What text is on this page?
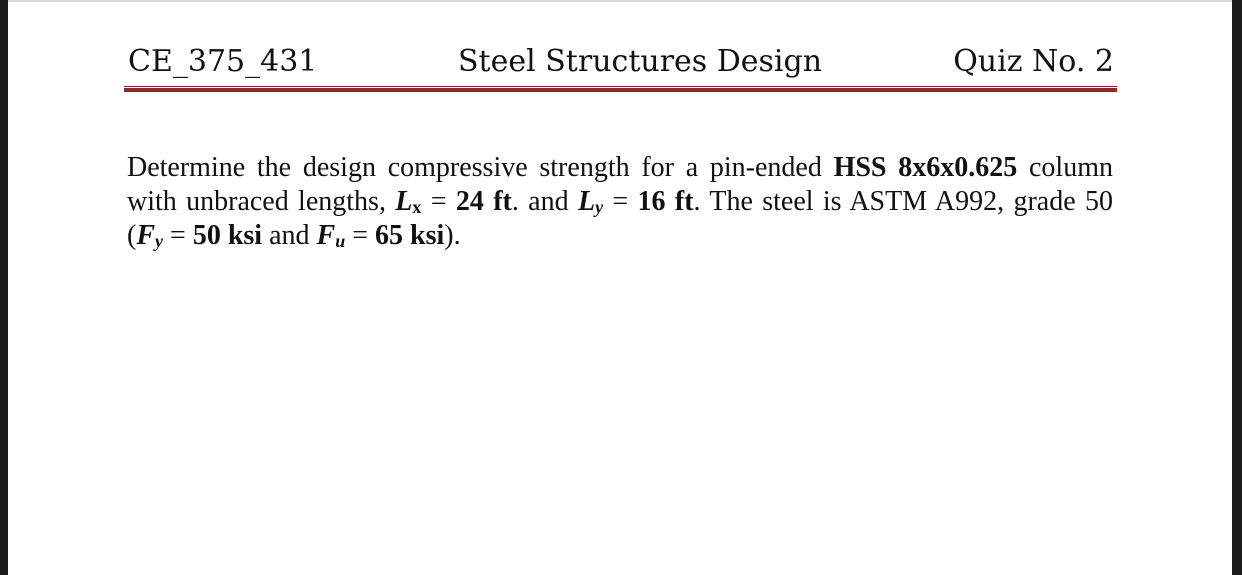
CE_375_431	Steel Structures Design	Quiz No. 2

Determine the design compressive strength for a pin-ended HSS 8x6x0.625 column with unbraced lengths, $L_x = 24$ ft. and $L_y = 16$ ft. The steel is ASTM A992, grade 50 ($F_y = 50$ ksi and $F_u = 65$ ksi).
